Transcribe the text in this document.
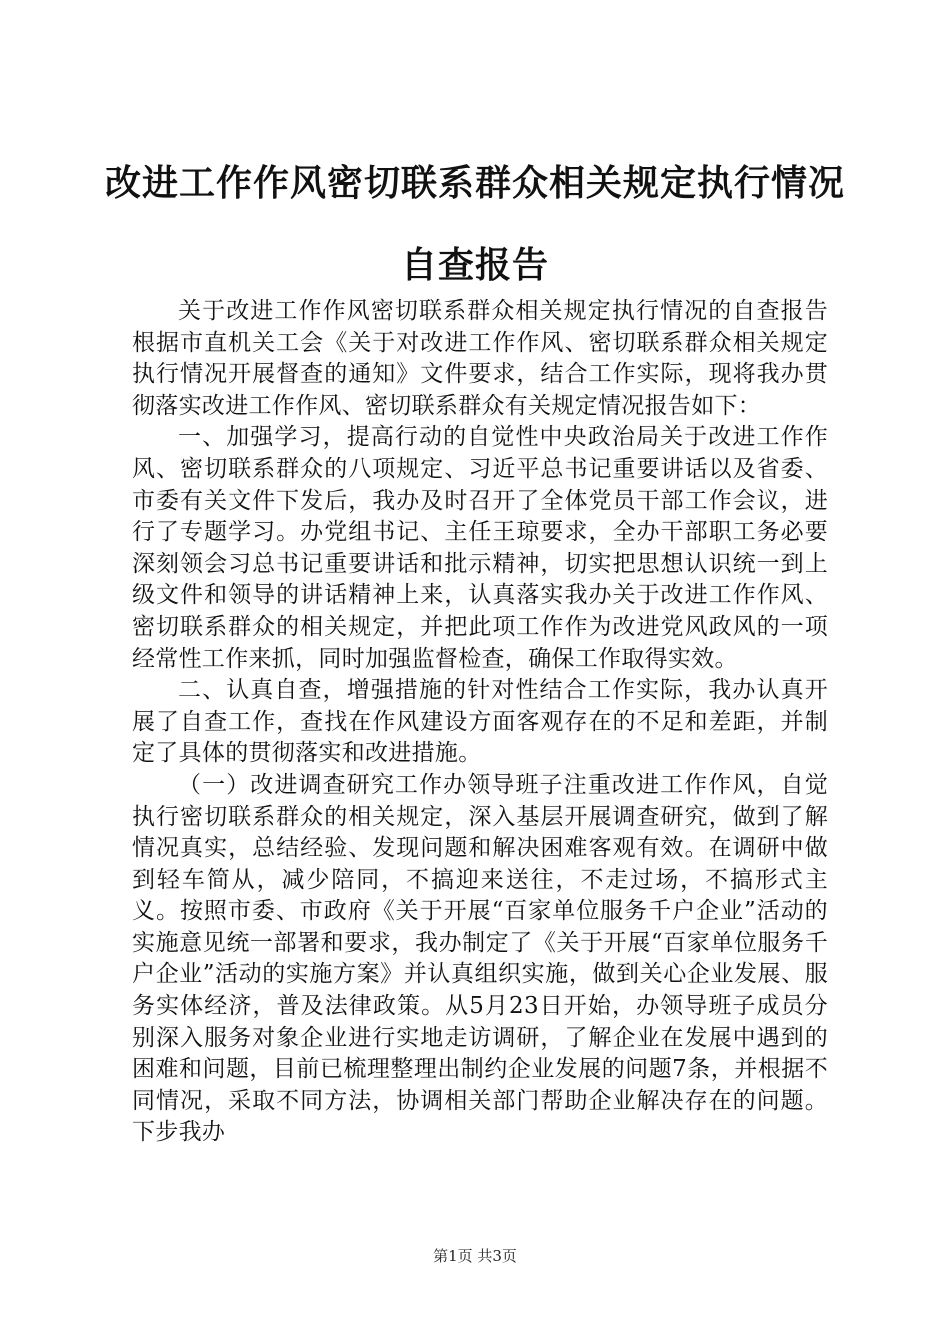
改进工作作风密切联系群众相关规定执行情况
自查报告

关于改进工作作风密切联系群众相关规定执行情况的自查报告根据市直机关工会《关于对改进工作作风、密切联系群众相关规定执行情况开展督查的通知》文件要求，结合工作实际，现将我办贯彻落实改进工作作风、密切联系群众有关规定情况报告如下：

一、加强学习，提高行动的自觉性中央政治局关于改进工作作风、密切联系群众的八项规定、习近平总书记重要讲话以及省委、市委有关文件下发后，我办及时召开了全体党员干部工作会议，进行了专题学习。办党组书记、主任王琼要求，全办干部职工务必要深刻领会习总书记重要讲话和批示精神，切实把思想认识统一到上级文件和领导的讲话精神上来，认真落实我办关于改进工作作风、密切联系群众的相关规定，并把此项工作作为改进党风政风的一项经常性工作来抓，同时加强监督检查，确保工作取得实效。

二、认真自查，增强措施的针对性结合工作实际，我办认真开展了自查工作，查找在作风建设方面客观存在的不足和差距，并制定了具体的贯彻落实和改进措施。

（一）改进调查研究工作办领导班子注重改进工作作风，自觉执行密切联系群众的相关规定，深入基层开展调查研究，做到了解情况真实，总结经验、发现问题和解决困难客观有效。在调研中做到轻车简从，减少陪同，不搞迎来送往，不走过场，不搞形式主义。按照市委、市政府《关于开展“百家单位服务千户企业”活动的实施意见统一部署和要求，我办制定了《关于开展“百家单位服务千户企业”活动的实施方案》并认真组织实施，做到关心企业发展、服务实体经济，普及法律政策。从5月23日开始，办领导班子成员分别深入服务对象企业进行实地走访调研，了解企业在发展中遇到的困难和问题，目前已梳理整理出制约企业发展的问题7条，并根据不同情况，采取不同方法，协调相关部门帮助企业解决存在的问题。下步我办

第1页 共3页
